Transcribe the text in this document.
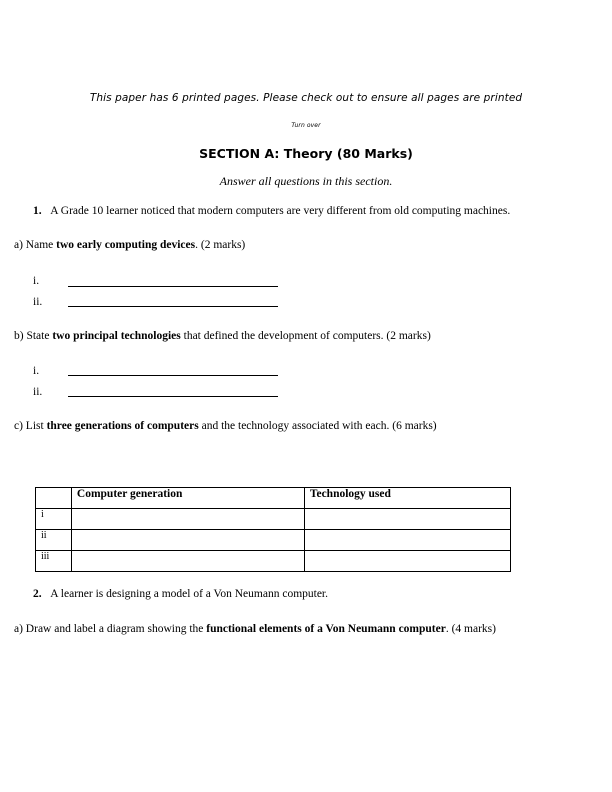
This paper has 6 printed pages. Please check out to ensure all pages are printed
Turn over
SECTION A: Theory (80 Marks)
Answer all questions in this section.
1. A Grade 10 learner noticed that modern computers are very different from old computing machines.
a) Name two early computing devices. (2 marks)
i.
ii.
b) State two principal technologies that defined the development of computers. (2 marks)
i.
ii.
c) List three generations of computers and the technology associated with each. (6 marks)
	Computer generation	Technology used
i		
ii		
iii		
2. A learner is designing a model of a Von Neumann computer.
a) Draw and label a diagram showing the functional elements of a Von Neumann computer. (4 marks)
